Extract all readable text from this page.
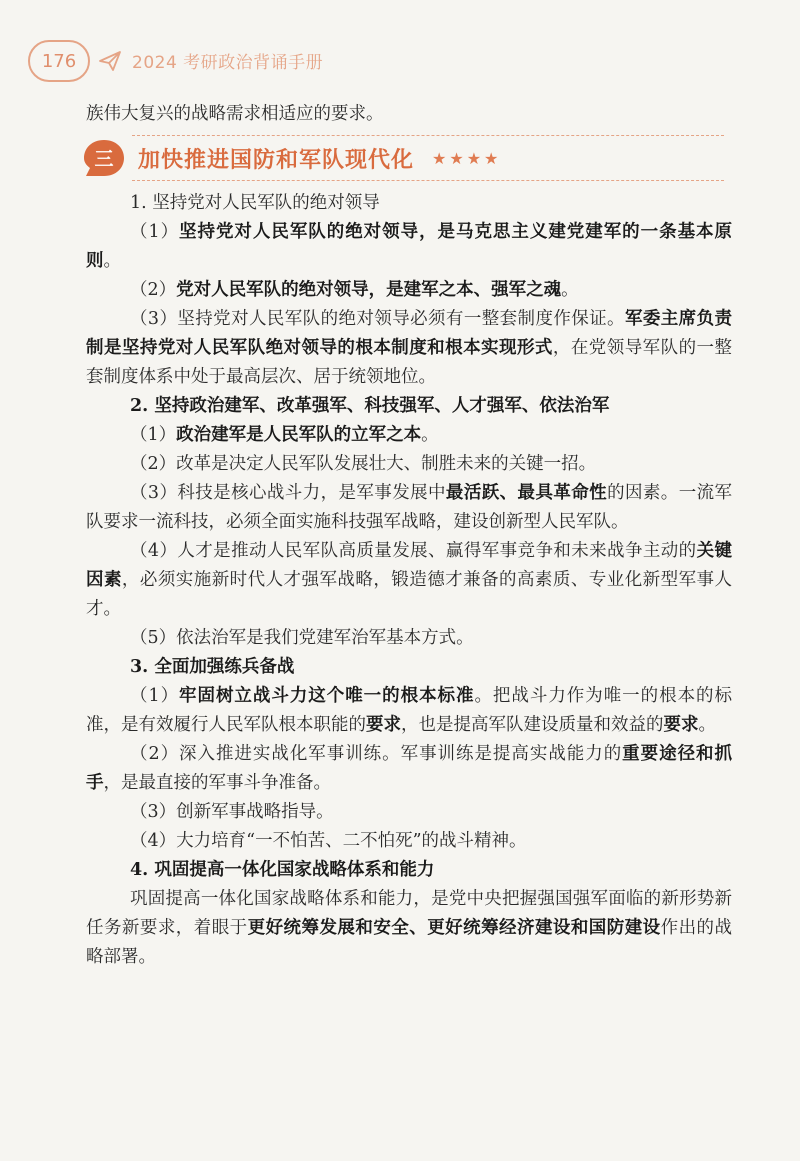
176	2024 考研政治背诵手册
族伟大复兴的战略需求相适应的要求。
三 加快推进国防和军队现代化 ★★★★
1. 坚持党对人民军队的绝对领导
（1）坚持党对人民军队的绝对领导，是马克思主义建党建军的一条基本原则。
（2）党对人民军队的绝对领导，是建军之本、强军之魂。
（3）坚持党对人民军队的绝对领导必须有一整套制度作保证。军委主席负责制是坚持党对人民军队绝对领导的根本制度和根本实现形式，在党领导军队的一整套制度体系中处于最高层次、居于统领地位。
2. 坚持政治建军、改革强军、科技强军、人才强军、依法治军
（1）政治建军是人民军队的立军之本。
（2）改革是决定人民军队发展壮大、制胜未来的关键一招。
（3）科技是核心战斗力，是军事发展中最活跃、最具革命性的因素。一流军队要求一流科技，必须全面实施科技强军战略，建设创新型人民军队。
（4）人才是推动人民军队高质量发展、赢得军事竞争和未来战争主动的关键因素，必须实施新时代人才强军战略，锻造德才兼备的高素质、专业化新型军事人才。
（5）依法治军是我们党建军治军基本方式。
3. 全面加强练兵备战
（1）牢固树立战斗力这个唯一的根本标准。把战斗力作为唯一的根本的标准，是有效履行人民军队根本职能的要求，也是提高军队建设质量和效益的要求。
（2）深入推进实战化军事训练。军事训练是提高实战能力的重要途径和抓手，是最直接的军事斗争准备。
（3）创新军事战略指导。
（4）大力培育“一不怕苦、二不怕死”的战斗精神。
4. 巩固提高一体化国家战略体系和能力
巩固提高一体化国家战略体系和能力，是党中央把握强国强军面临的新形势新任务新要求，着眼于更好统筹发展和安全、更好统筹经济建设和国防建设作出的战略部署。
